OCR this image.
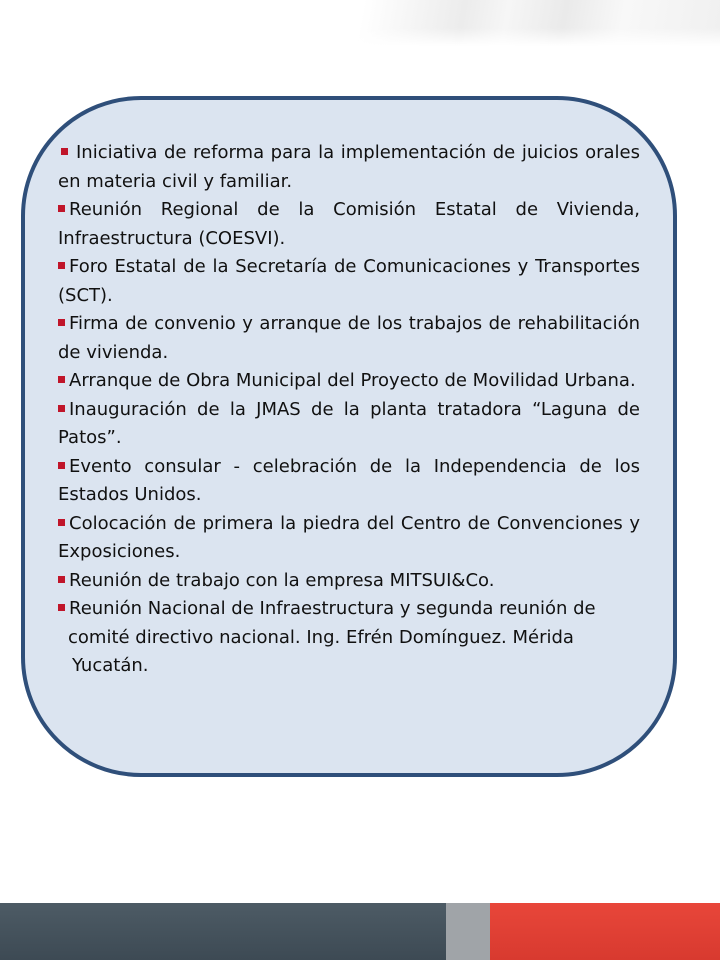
Iniciativa de reforma para la implementación de juicios orales en materia civil y familiar.
Reunión Regional de la Comisión Estatal de Vivienda, Infraestructura (COESVI).
Foro Estatal de la Secretaría de Comunicaciones y Transportes (SCT).
Firma de convenio y arranque de los trabajos de rehabilitación de vivienda.
Arranque de Obra Municipal del Proyecto de Movilidad Urbana.
Inauguración de la JMAS de la planta tratadora “Laguna de Patos”.
Evento consular - celebración de la Independencia de los Estados Unidos.
Colocación de primera la piedra del Centro de Convenciones y Exposiciones.
Reunión de trabajo con la empresa MITSUI&Co.
Reunión Nacional de Infraestructura y segunda reunión de
comité directivo nacional. Ing. Efrén Domínguez. Mérida
Yucatán.
